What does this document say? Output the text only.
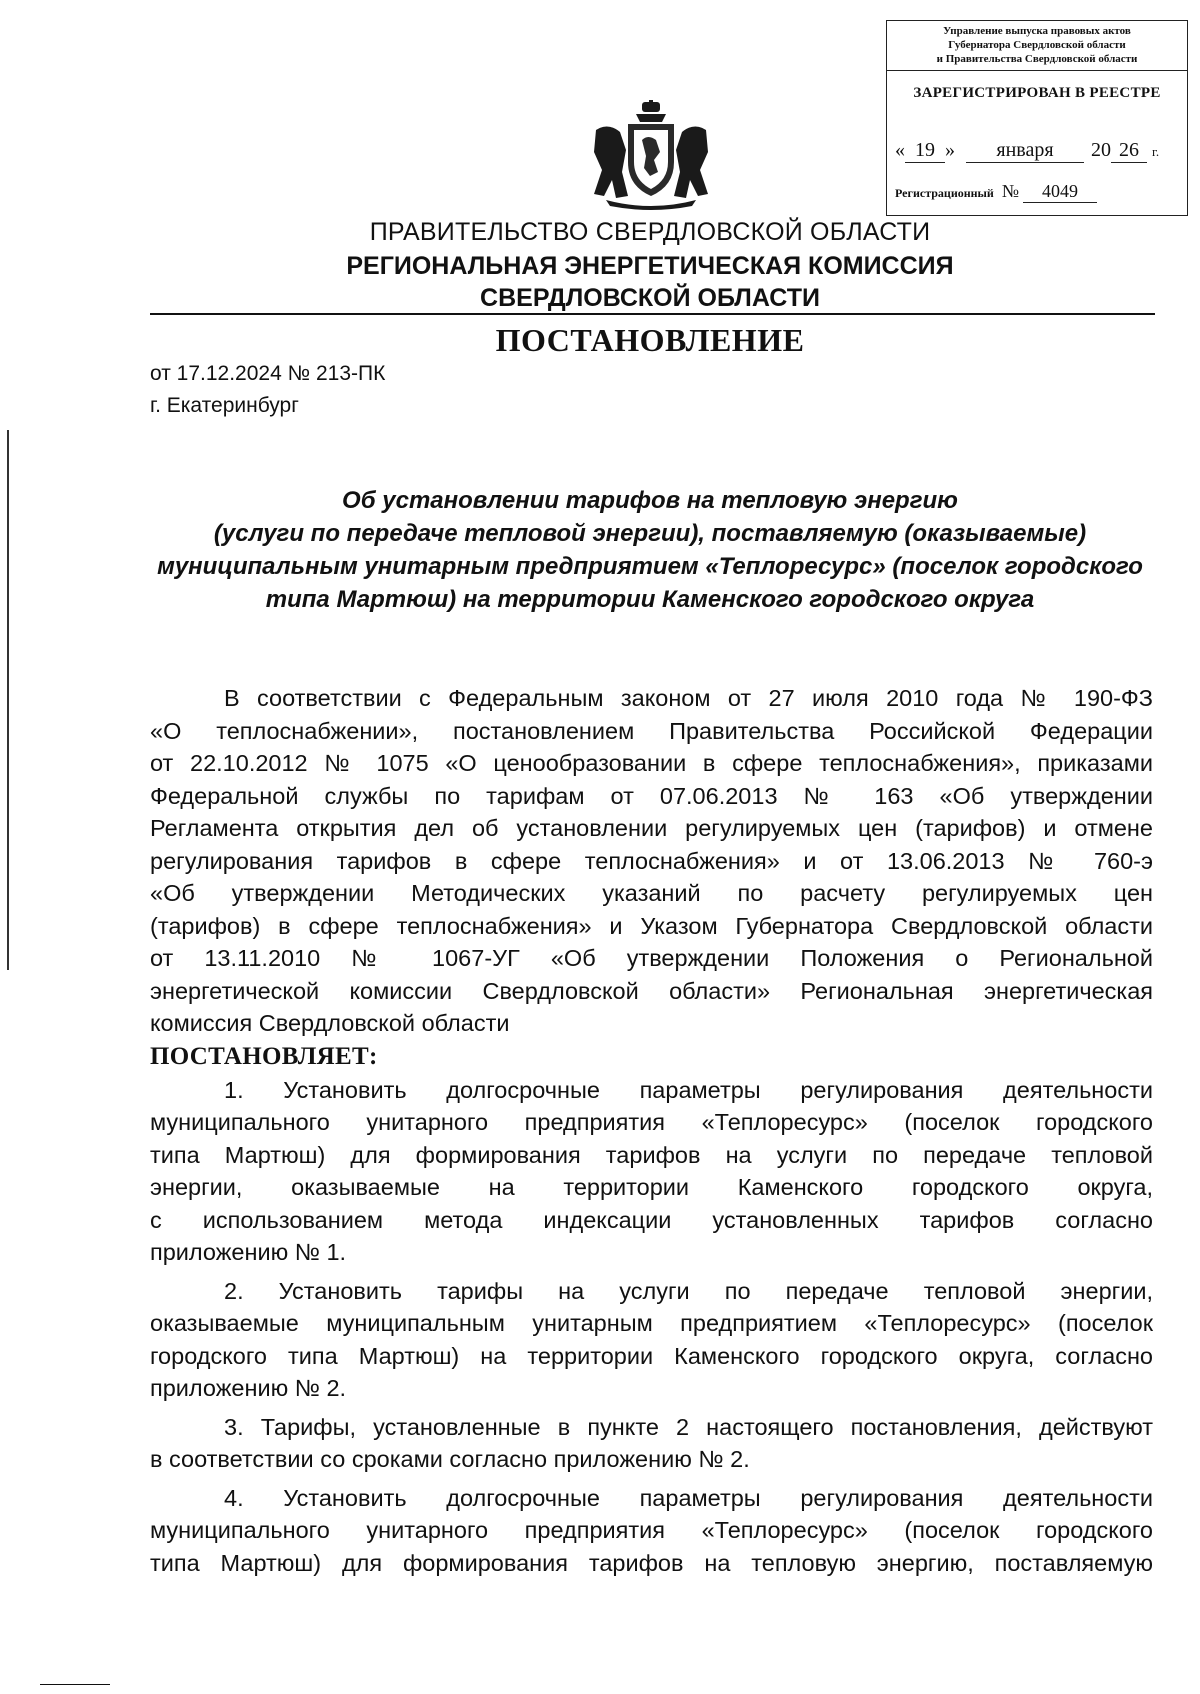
Управление выпуска правовых актов
Губернатора Свердловской области
и Правительства Свердловской области
ЗАРЕГИСТРИРОВАН В РЕЕСТРЕ
« 19 » января 20 26 г.
Регистрационный № 4049
ПРАВИТЕЛЬСТВО СВЕРДЛОВСКОЙ ОБЛАСТИ
РЕГИОНАЛЬНАЯ ЭНЕРГЕТИЧЕСКАЯ КОМИССИЯ
СВЕРДЛОВСКОЙ ОБЛАСТИ
ПОСТАНОВЛЕНИЕ
от 17.12.2024 № 213-ПК
г. Екатеринбург
Об установлении тарифов на тепловую энергию
(услуги по передаче тепловой энергии), поставляемую (оказываемые)
муниципальным унитарным предприятием «Теплоресурс» (поселок городского
типа Мартюш) на территории Каменского городского округа
В соответствии с Федеральным законом от 27 июля 2010 года № 190-ФЗ
«О теплоснабжении», постановлением Правительства Российской Федерации
от 22.10.2012 № 1075 «О ценообразовании в сфере теплоснабжения», приказами
Федеральной службы по тарифам от 07.06.2013 № 163 «Об утверждении
Регламента открытия дел об установлении регулируемых цен (тарифов) и отмене
регулирования тарифов в сфере теплоснабжения» и от 13.06.2013 № 760-э
«Об утверждении Методических указаний по расчету регулируемых цен
(тарифов) в сфере теплоснабжения» и Указом Губернатора Свердловской области
от 13.11.2010 № 1067-УГ «Об утверждении Положения о Региональной
энергетической комиссии Свердловской области» Региональная энергетическая
комиссия Свердловской области
ПОСТАНОВЛЯЕТ:
1. Установить долгосрочные параметры регулирования деятельности
муниципального унитарного предприятия «Теплоресурс» (поселок городского
типа Мартюш) для формирования тарифов на услуги по передаче тепловой
энергии, оказываемые на территории Каменского городского округа,
с использованием метода индексации установленных тарифов согласно
приложению № 1.
2. Установить тарифы на услуги по передаче тепловой энергии,
оказываемые муниципальным унитарным предприятием «Теплоресурс» (поселок
городского типа Мартюш) на территории Каменского городского округа, согласно
приложению № 2.
3. Тарифы, установленные в пункте 2 настоящего постановления, действуют
в соответствии со сроками согласно приложению № 2.
4. Установить долгосрочные параметры регулирования деятельности
муниципального унитарного предприятия «Теплоресурс» (поселок городского
типа Мартюш) для формирования тарифов на тепловую энергию, поставляемую
